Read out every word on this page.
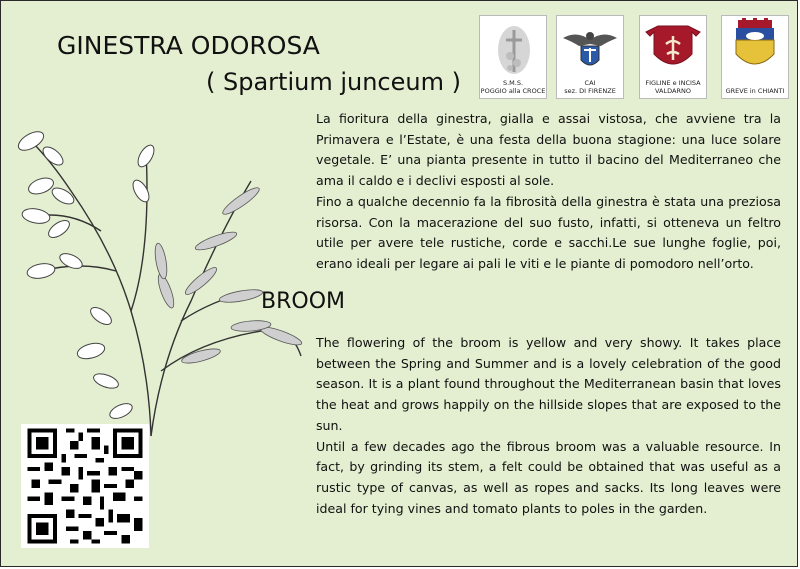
GINESTRA ODOROSA
( Spartium junceum )	S.M.S.
POGGIO alla CROCE
CAI
sez. DI FIRENZE
FIGLINE e INCISA
VALDARNO	GREVE in CHIANTI

La fioritura della ginestra, gialla e assai vistosa, che avviene tra la Primavera e l’Estate, è una festa della buona stagione: una luce solare vegetale. E’ una pianta presente in tutto il bacino del Mediterraneo che ama il caldo e i declivi esposti al sole.

Fino a qualche decennio fa la fibrosità della ginestra è stata una preziosa risorsa. Con la macerazione del suo fusto, infatti, si otteneva un feltro utile per avere tele rustiche, corde e sacchi.Le sue lunghe foglie, poi, erano ideali per legare ai pali le viti e le piante di pomodoro nell’orto.

BROOM

The flowering of the broom is yellow and very showy. It takes place between the Spring and Summer and is a lovely celebration of the good season. It is a plant found throughout the Mediterranean basin that loves the heat and grows happily on the hillside slopes that are exposed to the sun.

Until a few decades ago the fibrous broom was a valuable resource. In fact, by grinding its stem, a felt could be obtained that was useful as a rustic type of canvas, as well as ropes and sacks. Its long leaves were ideal for tying vines and tomato plants to poles in the garden.
